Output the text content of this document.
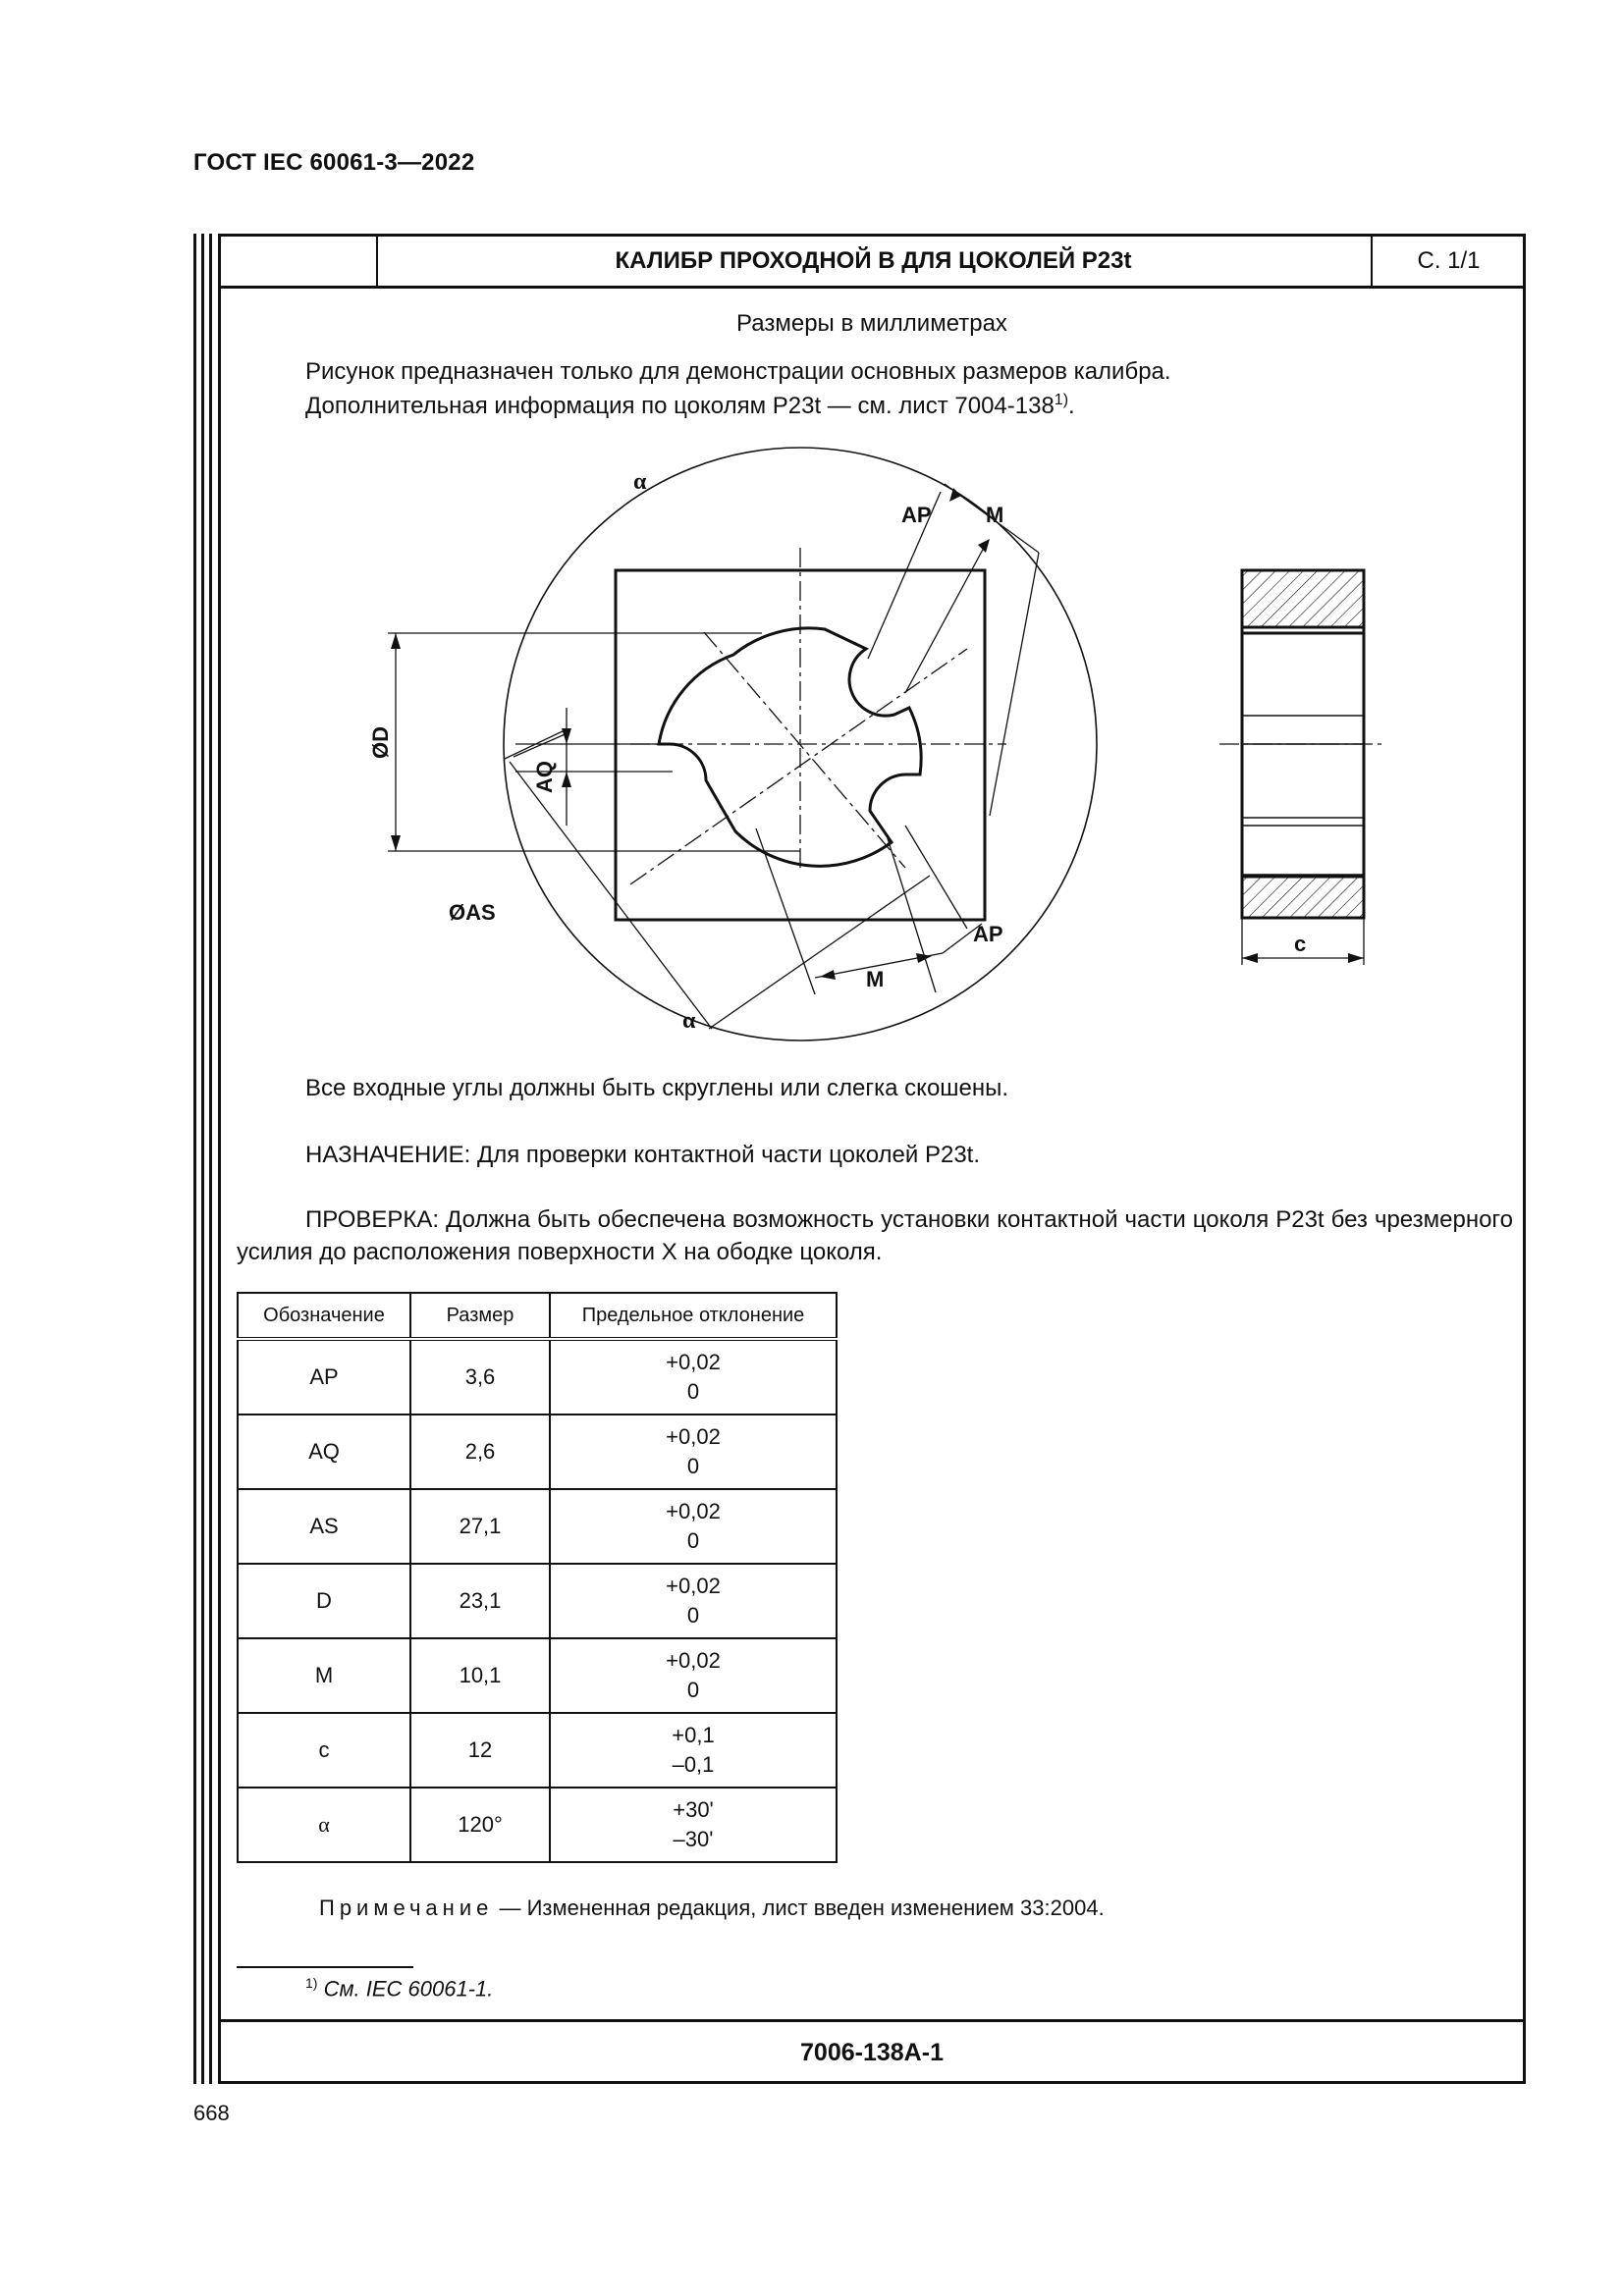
ГОСТ IEC 60061-3—2022
КАЛИБР ПРОХОДНОЙ В ДЛЯ ЦОКОЛЕЙ P23t	С. 1/1
Размеры в миллиметрах
Рисунок предназначен только для демонстрации основных размеров калибра.
Дополнительная информация по цоколям P23t — см. лист 7004-138$^{1)}$.
α
AP	M
ØD
AQ
ØAS
AP
M
α
c
Все входные углы должны быть скруглены или слегка скошены.
НАЗНАЧЕНИЕ: Для проверки контактной части цоколей P23t.
ПРОВЕРКА: Должна быть обеспечена возможность установки контактной части цоколя P23t без чрезмерного усилия до расположения поверхности X на ободке цоколя.
Обозначение	Размер	Предельное отклонение
AP	3,6	+0,02
0

AQ	2,6	+0,02
0

AS	27,1	+0,02
0

D	23,1	+0,02
0

M	10,1	+0,02
0

c	12	+0,1
–0,1

α	120°	+30'
–30'
Примечание — Измененная редакция, лист введен изменением 33:2004.
$^{1)}$ См. IEC 60061-1.
7006-138А-1
668
